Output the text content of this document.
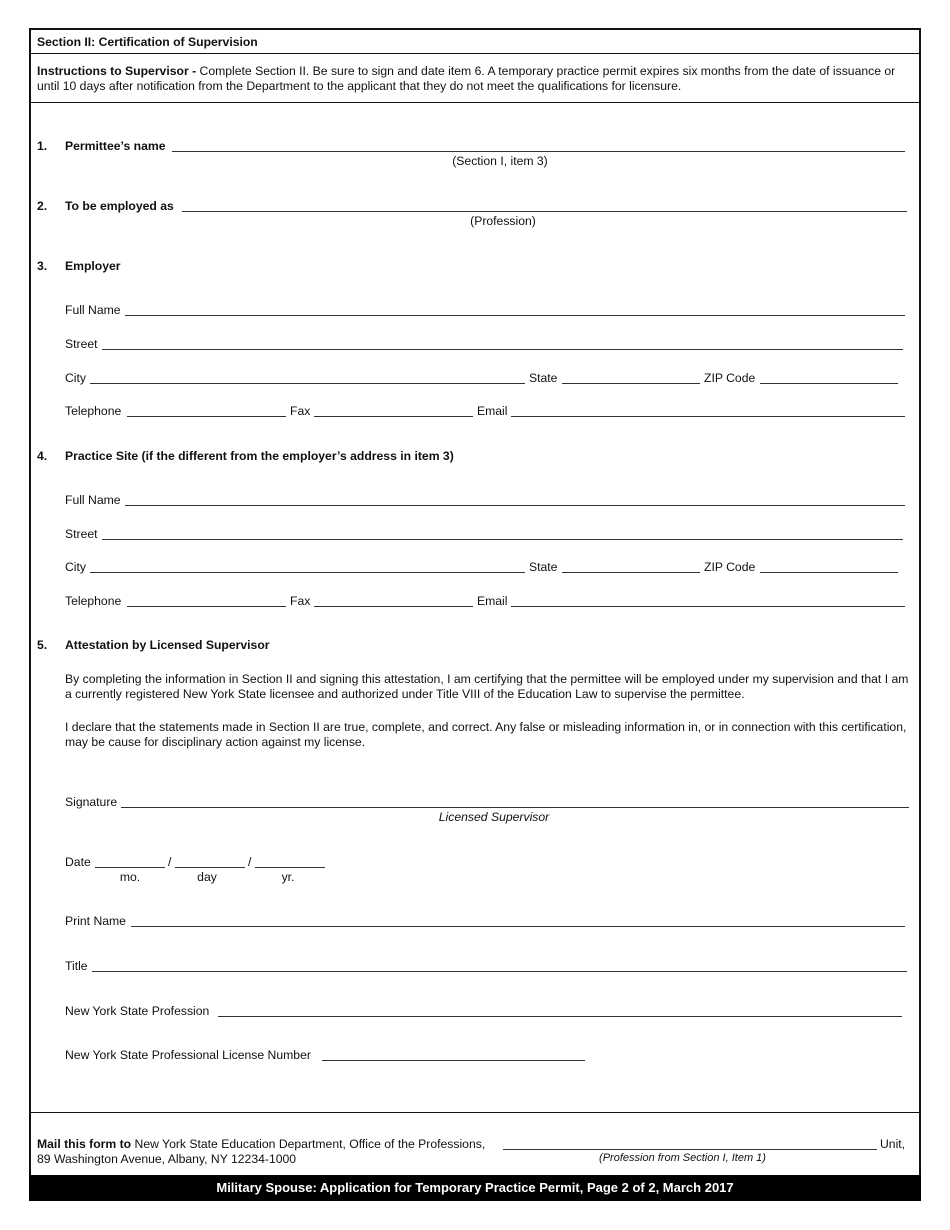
Section II: Certification of Supervision
Instructions to Supervisor - Complete Section II. Be sure to sign and date item 6. A temporary practice permit expires six months from the date of issuance or until 10 days after notification from the Department to the applicant that they do not meet the qualifications for licensure.
1. Permittee’s name
(Section I, item 3)
2. To be employed as
(Profession)
3. Employer
Full Name
Street
City	State	ZIP Code
Telephone	Fax	Email
4. Practice Site (if the different from the employer’s address in item 3)
Full Name
Street
City	State	ZIP Code
Telephone	Fax	Email
5. Attestation by Licensed Supervisor
By completing the information in Section II and signing this attestation, I am certifying that the permittee will be employed under my supervision and that I am a currently registered New York State licensee and authorized under Title VIII of the Education Law to supervise the permittee.
I declare that the statements made in Section II are true, complete, and correct. Any false or misleading information in, or in connection with this certification, may be cause for disciplinary action against my license.
Signature
Licensed Supervisor
Date	/	/
mo.	day	yr.
Print Name
Title
New York State Profession
New York State Professional License Number
Mail this form to New York State Education Department, Office of the Professions,	Unit,
89 Washington Avenue, Albany, NY 12234-1000	(Profession from Section I, Item 1)
Military Spouse: Application for Temporary Practice Permit, Page 2 of 2, March 2017
